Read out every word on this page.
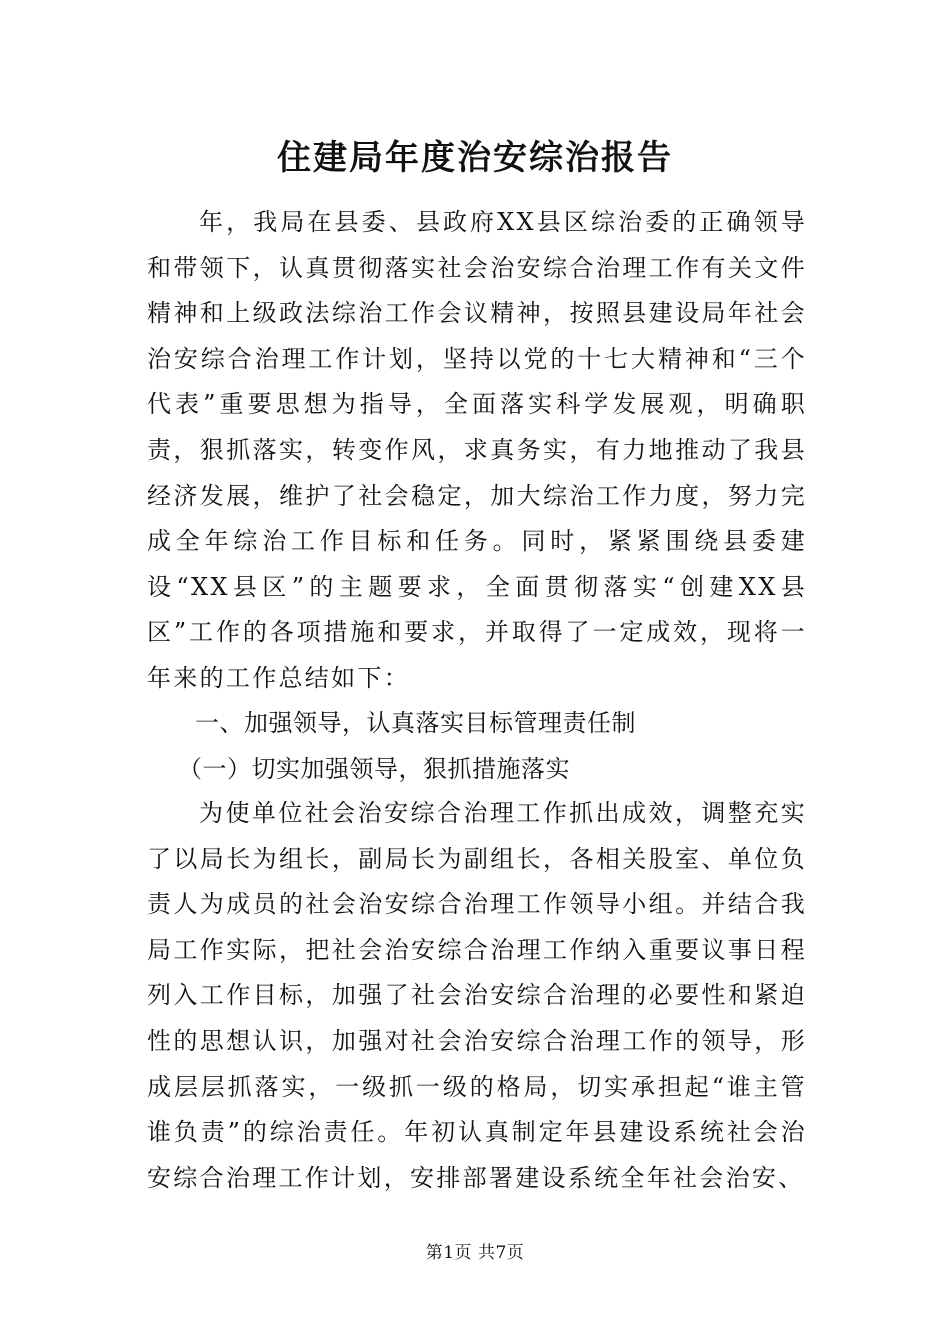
住建局年度治安综治报告

年，我局在县委、县政府XX县区综治委的正确领导和带领下，认真贯彻落实社会治安综合治理工作有关文件精神和上级政法综治工作会议精神，按照县建设局年社会治安综合治理工作计划，坚持以党的十七大精神和“三个代表”重要思想为指导，全面落实科学发展观，明确职责，狠抓落实，转变作风，求真务实，有力地推动了我县经济发展，维护了社会稳定，加大综治工作力度，努力完成全年综治工作目标和任务。同时，紧紧围绕县委建设“XX县区”的主题要求，全面贯彻落实“创建XX县区”工作的各项措施和要求，并取得了一定成效，现将一年来的工作总结如下：

一、加强领导，认真落实目标管理责任制
（一）切实加强领导，狠抓措施落实

为使单位社会治安综合治理工作抓出成效，调整充实了以局长为组长，副局长为副组长，各相关股室、单位负责人为成员的社会治安综合治理工作领导小组。并结合我局工作实际，把社会治安综合治理工作纳入重要议事日程列入工作目标，加强了社会治安综合治理的必要性和紧迫性的思想认识，加强对社会治安综合治理工作的领导，形成层层抓落实，一级抓一级的格局，切实承担起“谁主管谁负责”的综治责任。年初认真制定年县建设系统社会治安综合治理工作计划，安排部署建设系统全年社会治安、

第1页 共7页
